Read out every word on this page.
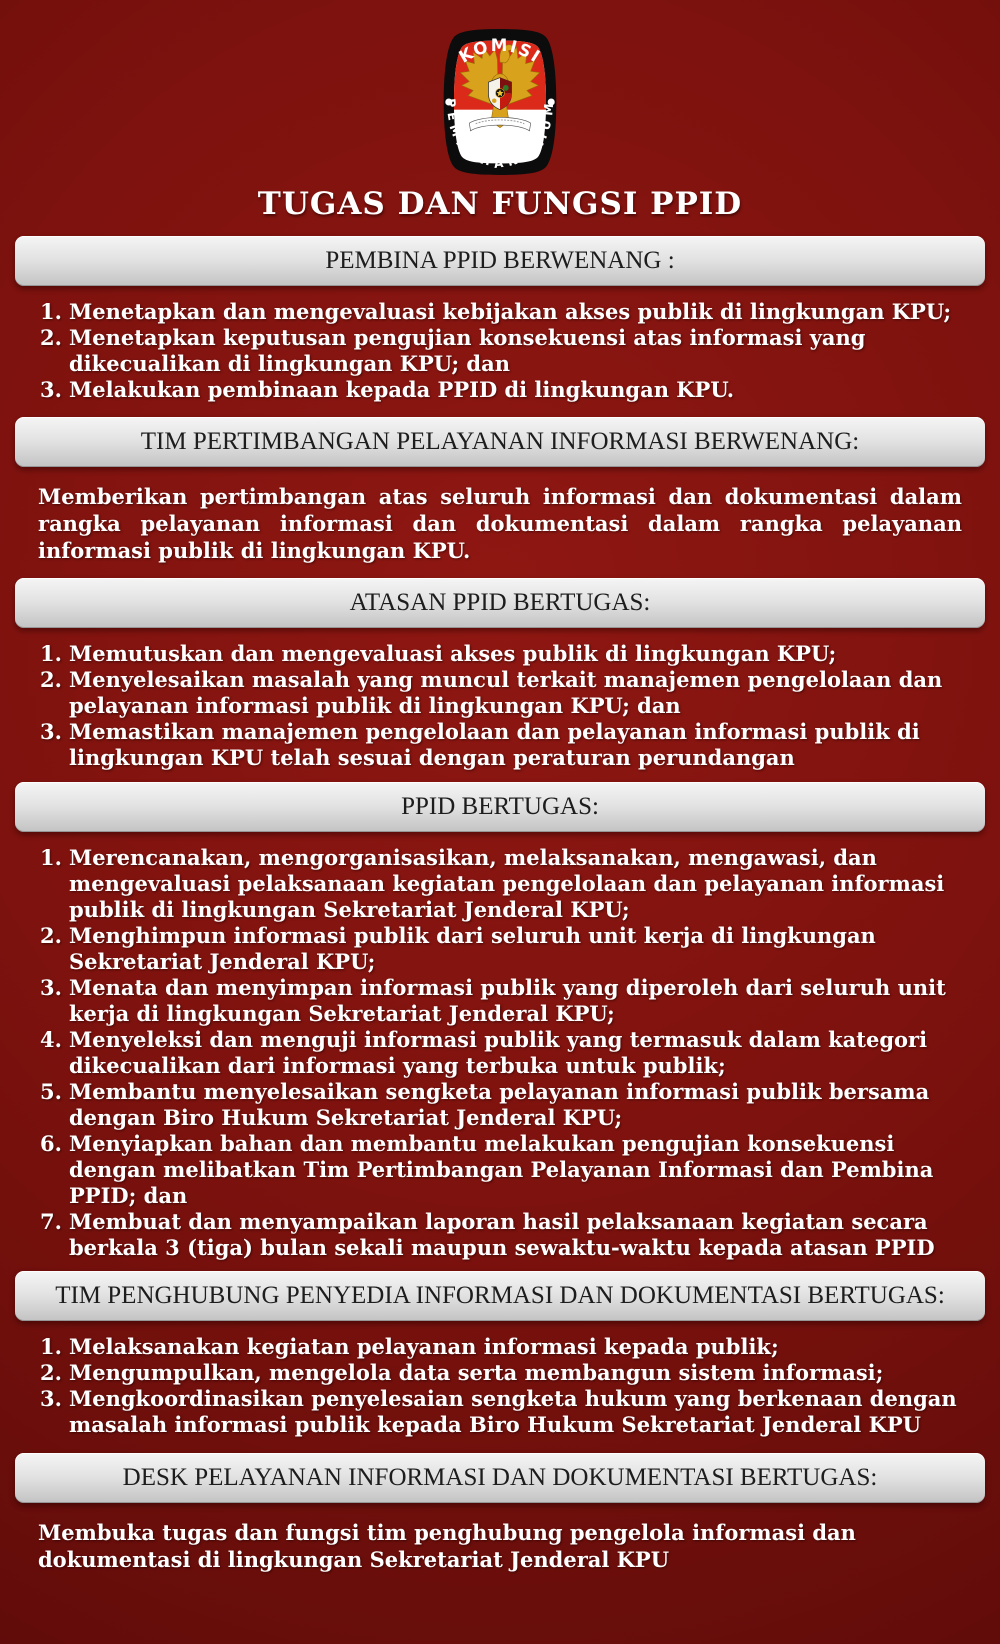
KOMISI
PEMILIHAN UMUM
TUGAS DAN FUNGSI PPID
PEMBINA PPID BERWENANG :
1. Menetapkan dan mengevaluasi kebijakan akses publik di lingkungan KPU;
2. Menetapkan keputusan pengujian konsekuensi atas informasi yang dikecualikan di lingkungan KPU; dan
3. Melakukan pembinaan kepada PPID di lingkungan KPU.
TIM PERTIMBANGAN PELAYANAN INFORMASI BERWENANG:

Memberikan pertimbangan atas seluruh informasi dan dokumentasi dalam rangka pelayanan informasi dan dokumentasi dalam rangka pelayanan informasi publik di lingkungan KPU.

ATASAN PPID BERTUGAS:
1. Memutuskan dan mengevaluasi akses publik di lingkungan KPU;
2. Menyelesaikan masalah yang muncul terkait manajemen pengelolaan dan pelayanan informasi publik di lingkungan KPU; dan
3. Memastikan manajemen pengelolaan dan pelayanan informasi publik di lingkungan KPU telah sesuai dengan peraturan perundangan
PPID BERTUGAS:
1. Merencanakan, mengorganisasikan, melaksanakan, mengawasi, dan mengevaluasi pelaksanaan kegiatan pengelolaan dan pelayanan informasi publik di lingkungan Sekretariat Jenderal KPU;
2. Menghimpun informasi publik dari seluruh unit kerja di lingkungan Sekretariat Jenderal KPU;
3. Menata dan menyimpan informasi publik yang diperoleh dari seluruh unit kerja di lingkungan Sekretariat Jenderal KPU;
4. Menyeleksi dan menguji informasi publik yang termasuk dalam kategori dikecualikan dari informasi yang terbuka untuk publik;
5. Membantu menyelesaikan sengketa pelayanan informasi publik bersama dengan Biro Hukum Sekretariat Jenderal KPU;
6. Menyiapkan bahan dan membantu melakukan pengujian konsekuensi dengan melibatkan Tim Pertimbangan Pelayanan Informasi dan Pembina PPID; dan
7. Membuat dan menyampaikan laporan hasil pelaksanaan kegiatan secara berkala 3 (tiga) bulan sekali maupun sewaktu-waktu kepada atasan PPID
TIM PENGHUBUNG PENYEDIA INFORMASI DAN DOKUMENTASI BERTUGAS:
1. Melaksanakan kegiatan pelayanan informasi kepada publik;
2. Mengumpulkan, mengelola data serta membangun sistem informasi;
3. Mengkoordinasikan penyelesaian sengketa hukum yang berkenaan dengan masalah informasi publik kepada Biro Hukum Sekretariat Jenderal KPU
DESK PELAYANAN INFORMASI DAN DOKUMENTASI BERTUGAS:

Membuka tugas dan fungsi tim penghubung pengelola informasi dan dokumentasi di lingkungan Sekretariat Jenderal KPU
